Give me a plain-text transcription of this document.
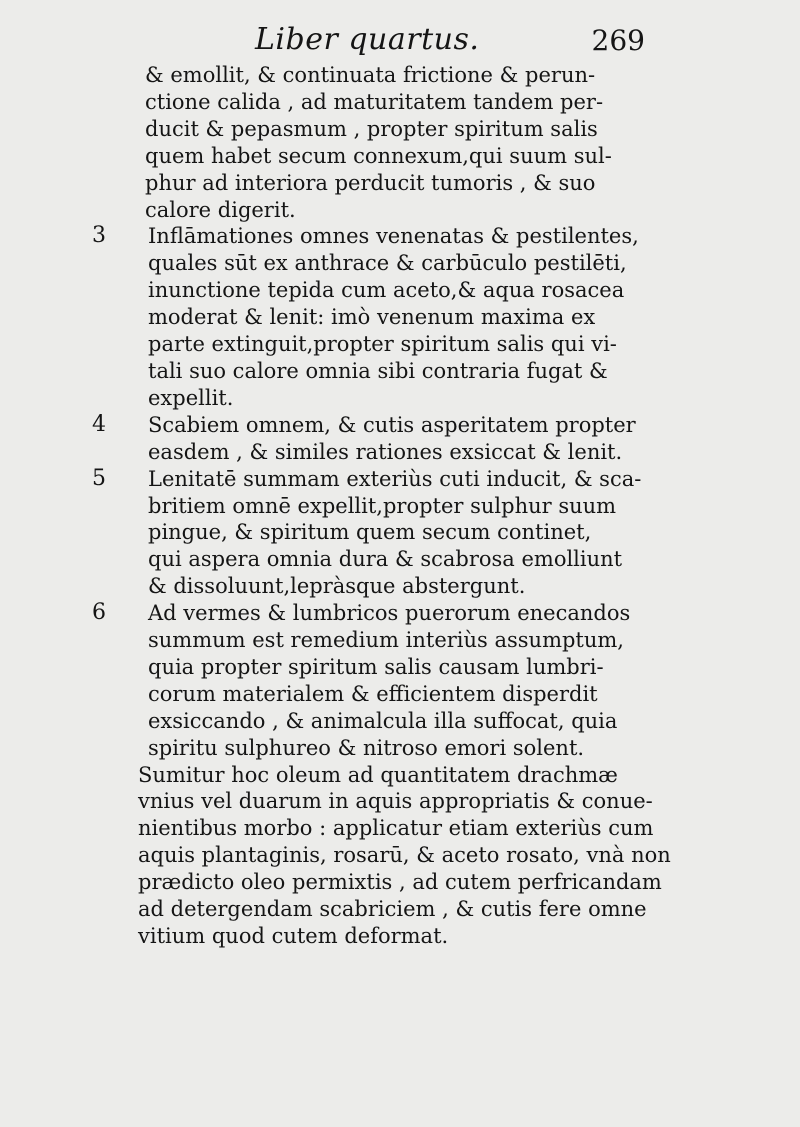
Liber quartus.	269

& emollit, & continuata frictione & perun-
ctione calida , ad maturitatem tandem per-
ducit & pepasmum , propter spiritum salis
quem habet secum connexum,qui suum sul-
phur ad interiora perducit tumoris , & suo
calore digerit.

3 Inflāmationes omnes venenatas & pestilentes,
quales sūt ex anthrace & carbūculo pestilēti,
inunctione tepida cum aceto,& aqua rosacea
moderat & lenit: imò venenum maxima ex
parte extinguit,propter spiritum salis qui vi-
tali suo calore omnia sibi contraria fugat &
expellit.

4 Scabiem omnem, & cutis asperitatem propter
easdem , & similes rationes exsiccat & lenit.

5 Lenitatē summam exteriùs cuti inducit, & sca-
britiem omnē expellit,propter sulphur suum
pingue, & spiritum quem secum continet,
qui aspera omnia dura & scabrosa emolliunt
& dissoluunt,lepràsque abstergunt.

6 Ad vermes & lumbricos puerorum enecandos
summum est remedium interiùs assumptum,
quia propter spiritum salis causam lumbri-
corum materialem & efficientem disperdit
exsiccando , & animalcula illa suffocat, quia
spiritu sulphureo & nitroso emori solent.

Sumitur hoc oleum ad quantitatem drachmæ
vnius vel duarum in aquis appropriatis & conue-
nientibus morbo : applicatur etiam exteriùs cum
aquis plantaginis, rosarū, & aceto rosato, vnà non
prædicto oleo permixtis , ad cutem perfricandam
ad detergendam scabriciem , & cutis fere omne
vitium quod cutem deformat.
